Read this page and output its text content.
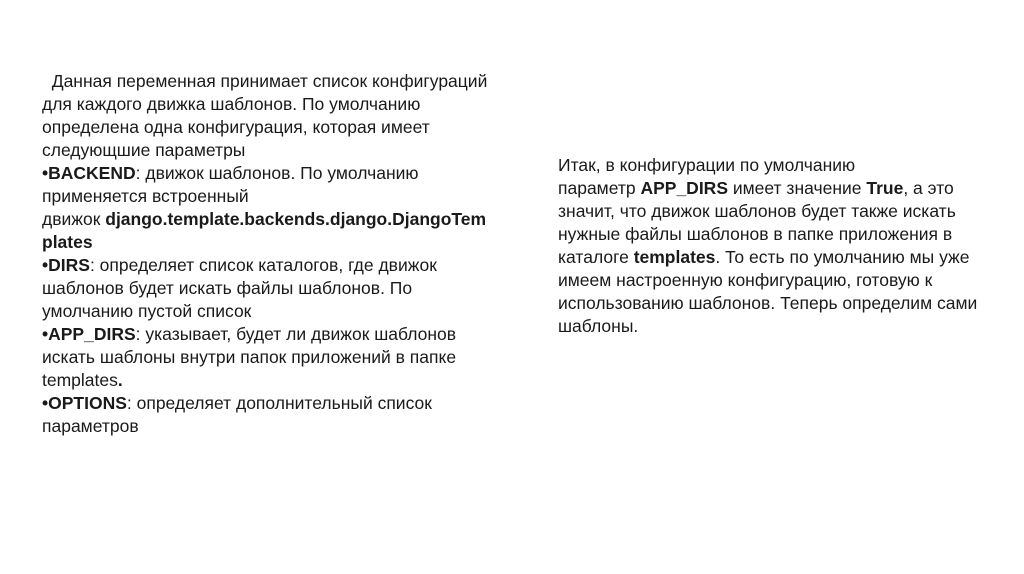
Данная переменная принимает список конфигураций
для каждого движка шаблонов. По умолчанию
определена одна конфигурация, которая имеет
следующшие параметры
•BACKEND: движок шаблонов. По умолчанию
применяется встроенный
движок django.template.backends.django.DjangoTem
plates
•DIRS: определяет список каталогов, где движок
шаблонов будет искать файлы шаблонов. По
умолчанию пустой список
•APP_DIRS: указывает, будет ли движок шаблонов
искать шаблоны внутри папок приложений в папке
templates.
•OPTIONS: определяет дополнительный список
параметров
Итак, в конфигурации по умолчанию
параметр APP_DIRS имеет значение True, а это
значит, что движок шаблонов будет также искать
нужные файлы шаблонов в папке приложения в
каталоге templates. То есть по умолчанию мы уже
имеем настроенную конфигурацию, готовую к
использованию шаблонов. Теперь определим сами
шаблоны.
